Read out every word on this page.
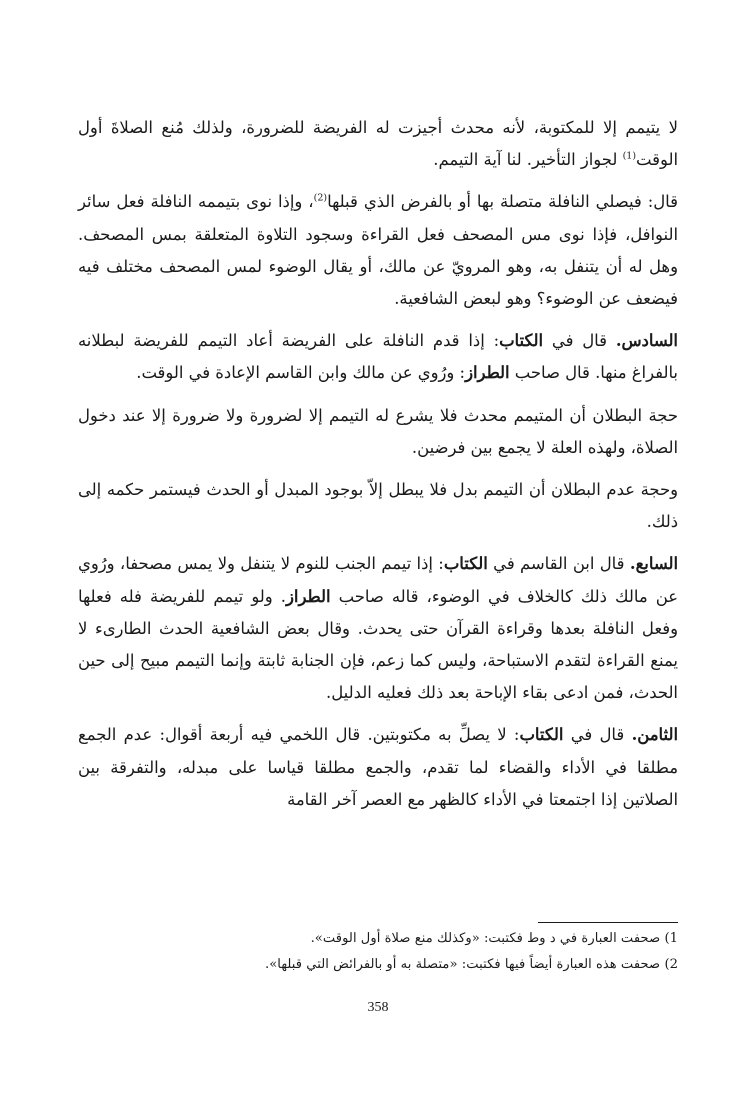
لا يتيمم إلا للمكتوبة، لأنه محدث أجيزت له الفريضة للضرورة، ولذلك مُنع الصلاةَ أول الوقت$^{(1)}$ لجواز التأخير. لنا آية التيمم.

قال: فيصلي النافلة متصلة بها أو بالفرض الذي قبلها$^{(2)}$، وإذا نوى بتيممه النافلة فعل سائر النوافل، فإذا نوى مس المصحف فعل القراءة وسجود التلاوة المتعلقة بمس المصحف. وهل له أن يتنفل به، وهو المرويّ عن مالك، أو يقال الوضوء لمس المصحف مختلف فيه فيضعف عن الوضوء؟ وهو لبعض الشافعية.

السادس. قال في الكتاب: إذا قدم النافلة على الفريضة أعاد التيمم للفريضة لبطلانه بالفراغ منها. قال صاحب الطراز: ورُوي عن مالك وابن القاسم الإعادة في الوقت.

حجة البطلان أن المتيمم محدث فلا يشرع له التيمم إلا لضرورة ولا ضرورة إلا عند دخول الصلاة، ولهذه العلة لا يجمع بين فرضين.

وحجة عدم البطلان أن التيمم بدل فلا يبطل إلاّ بوجود المبدل أو الحدث فيستمر حكمه إلى ذلك.

السابع. قال ابن القاسم في الكتاب: إذا تيمم الجنب للنوم لا يتنفل ولا يمس مصحفا، ورُوي عن مالك ذلك كالخلاف في الوضوء، قاله صاحب الطراز. ولو تيمم للفريضة فله فعلها وفعل النافلة بعدها وقراءة القرآن حتى يحدث. وقال بعض الشافعية الحدث الطارىء لا يمنع القراءة لتقدم الاستباحة، وليس كما زعم، فإن الجنابة ثابتة وإنما التيمم مبيح إلى حين الحدث، فمن ادعى بقاء الإباحة بعد ذلك فعليه الدليل.

الثامن. قال في الكتاب: لا يصلِّ به مكتوبتين. قال اللخمي فيه أربعة أقوال: عدم الجمع مطلقا في الأداء والقضاء لما تقدم، والجمع مطلقا قياسا على مبدله، والتفرقة بين الصلاتين إذا اجتمعتا في الأداء كالظهر مع العصر آخر القامة

1) صحفت العبارة في د وط فكتبت: «وكذلك منع صلاة أول الوقت».

2) صحفت هذه العبارة أيضاً فيها فكتبت: «متصلة به أو بالفرائض التي قبلها».

358
